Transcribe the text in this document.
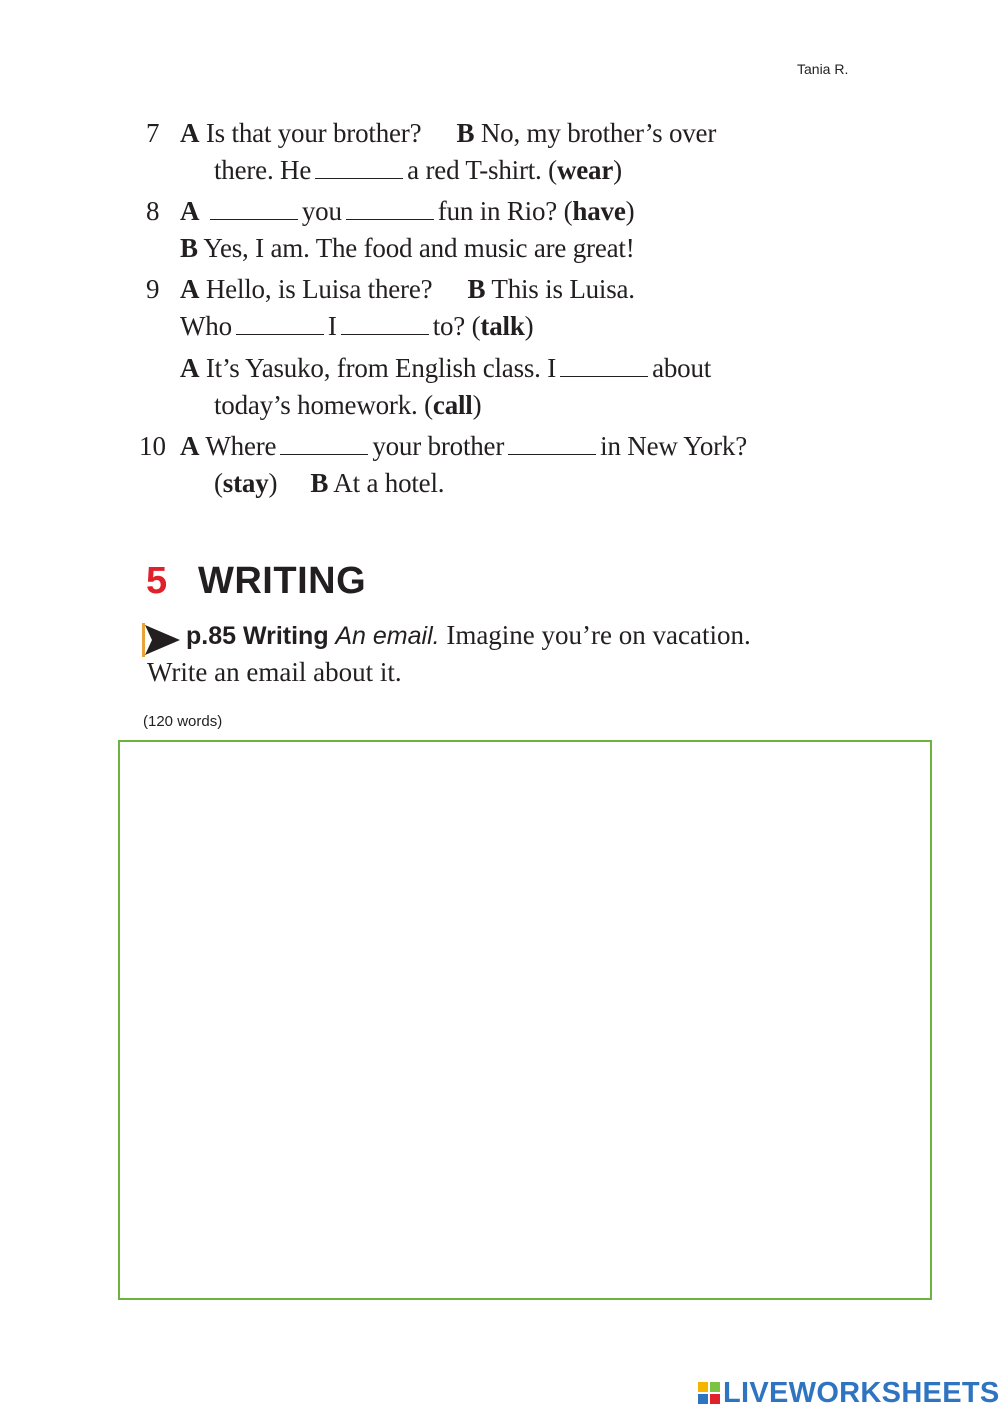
Tania R.
7 A Is that your brother? B No, my brother’s over
there. He	a red T-shirt. (wear)
8 A	you	fun in Rio? (have)
B Yes, I am. The food and music are great!
9 A Hello, is Luisa there? B This is Luisa.
Who	I	to? (talk)
A It’s Yasuko, from English class. I	about
today’s homework. (call)
10 A Where	your brother	in New York?
(stay) B At a hotel.
5 WRITING
p.85 Writing An email. Imagine you’re on vacation.
Write an email about it.
(120 words)
LIVEWORKSHEETS
